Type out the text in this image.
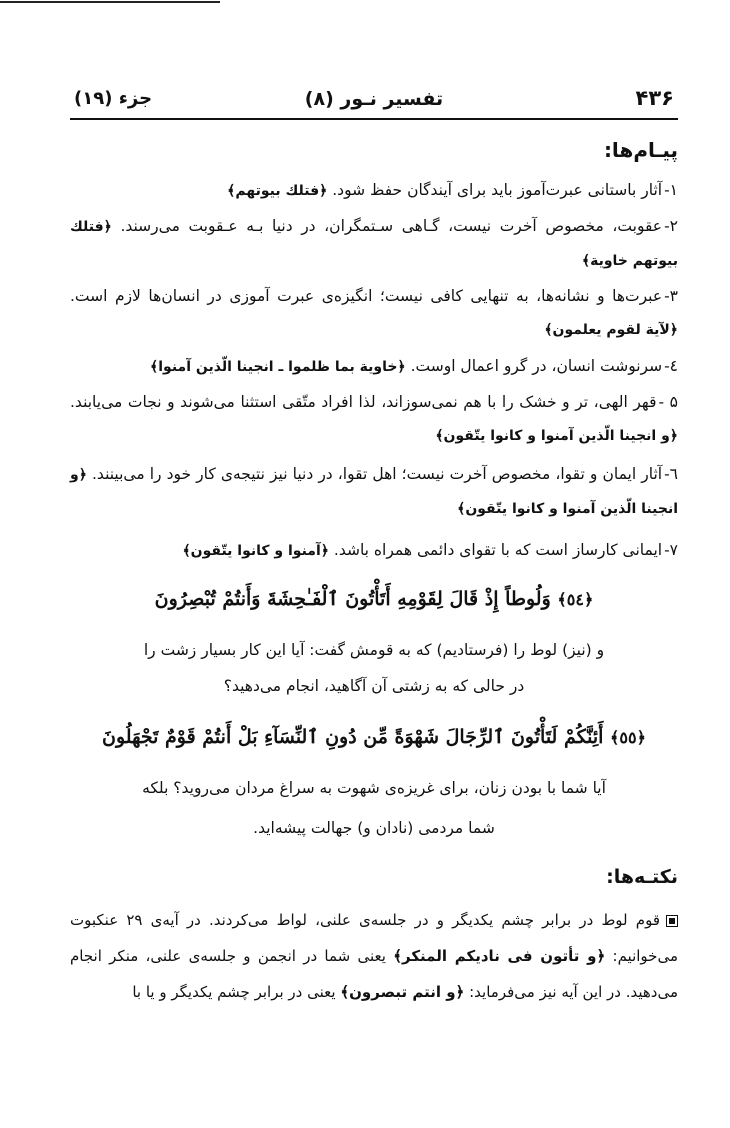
۴۳۶
تفسیر نـور (۸)
جزء (۱۹)
پیـام‌ها:
۱-آثار باستانی عبرت‌آموز باید برای آیندگان حفظ شود. ﴿فتلك بيوتهم﴾
۲-عقوبت، مخصوص آخرت نیست، گـاهی سـتمگران، در دنیا بـه عـقوبت می‌رسند. ﴿فتلك بيوتهم خاوية﴾
۳-عبرت‌ها و نشانه‌ها، به تنهایی کافی نیست؛ انگیزه‌ی عبرت آموزی در انسان‌ها لازم است. ﴿لآية لقوم يعلمون﴾
٤-سرنوشت انسان، در گرو اعمال اوست. ﴿خاوية بما ظلموا ـ انجينا الّذين آمنوا﴾
۵ -قهر الهی، تر و خشک را با هم نمی‌سوزاند، لذا افراد متّقی استثنا می‌شوند و نجات می‌یابند. ﴿و انجينا الّذين آمنوا و كانوا يتّقون﴾
٦-آثار ایمان و تقوا، مخصوص آخرت نیست؛ اهل تقوا، در دنیا نیز نتیجه‌ی کار خود را می‌بینند. ﴿و انجينا الّذين آمنوا و كانوا يتّقون﴾
۷-ایمانی کارساز است که با تقوای دائمی همراه باشد. ﴿آمنوا و كانوا يتّقون﴾
﴿٥٤﴾ وَلُوطاً إِذْ قَالَ لِقَوْمِهِ أَتَأْتُونَ ٱلْفَـٰحِشَةَ وَأَنتُمْ تُبْصِرُونَ
و (نیز) لوط را (فرستادیم) که به قومش گفت: آیا این کار بسیار زشت را
در حالی که به زشتی آن آگاهید، انجام می‌دهید؟
﴿٥٥﴾ أَئِنَّكُمْ لَتَأْتُونَ ٱلرِّجَالَ شَهْوَةً مِّن دُونِ ٱلنِّسَآءِ بَلْ أَنتُمْ قَوْمٌ تَجْهَلُونَ
آیا شما با بودن زنان، برای غریزه‌ی شهوت به سراغ مردان می‌روید؟ بلکه
شما مردمی (نادان و) جهالت پیشه‌اید.
نکتـه‌ها:
قوم لوط در برابر چشم یکدیگر و در جلسه‌ی علنی، لواط می‌کردند. در آیه‌ی ۲۹ عنکبوت می‌خوانیم: ﴿و تأتون فى ناديكم المنكر﴾ یعنی شما در انجمن و جلسه‌ی علنی، منکر انجام می‌دهید. در این آیه نیز می‌فرماید: ﴿و انتم تبصرون﴾ یعنی در برابر چشم یکدیگر و یا با
